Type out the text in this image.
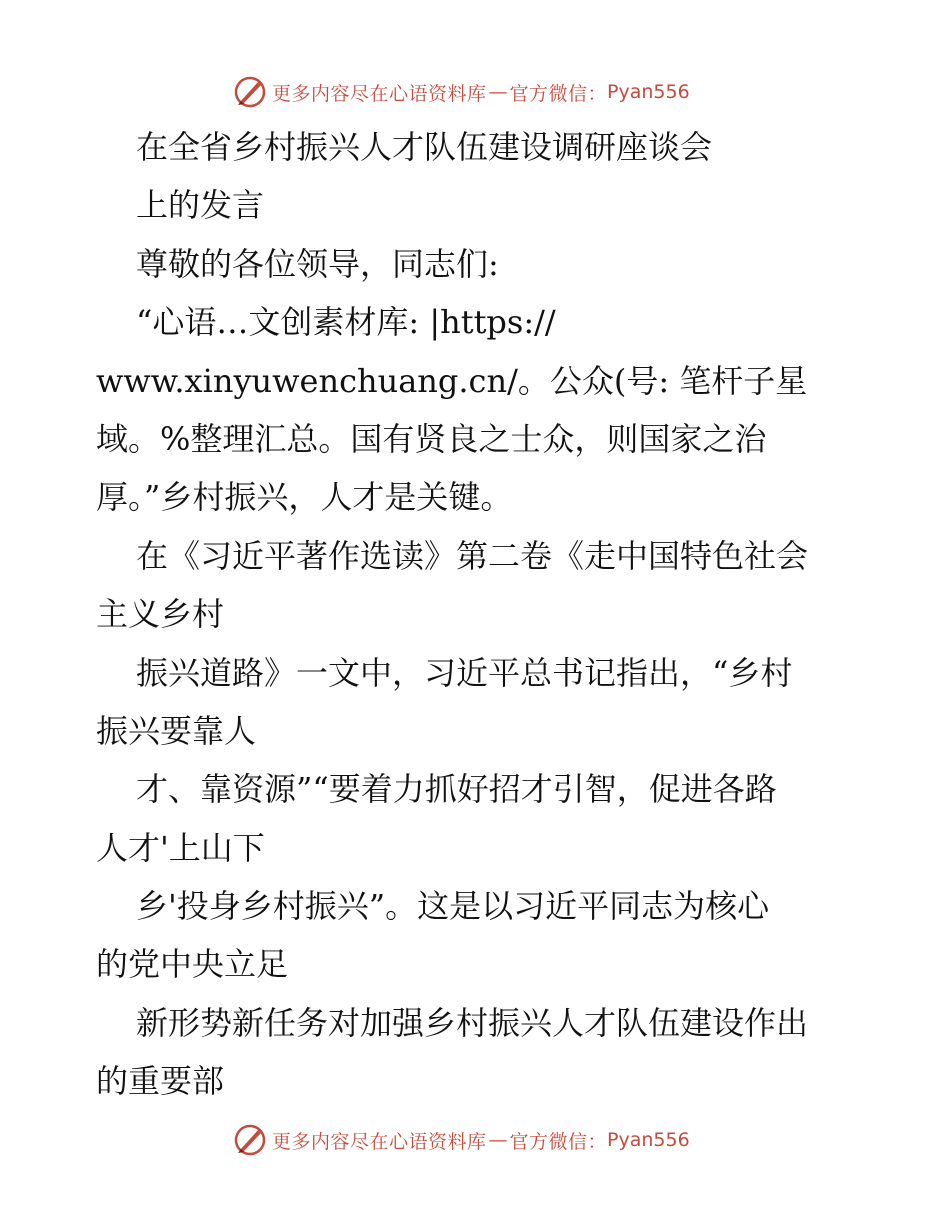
更多内容尽在心语资料库 — 官方微信： Pyan556
在全省乡村振兴人才队伍建设调研座谈会
上的发言
尊敬的各位领导，同志们:
“心语…文创素材库: |https://
www.xinyuwenchuang.cn/。公众(号: 笔杆子星
域。%整理汇总。国有贤良之士众，则国家之治
厚。”乡村振兴，人才是关键。
在《习近平著作选读》第二卷《走中国特色社会
主义乡村
振兴道路》一文中，习近平总书记指出，“乡村
振兴要靠人
才、靠资源”“要着力抓好招才引智，促进各路
人才'上山下
乡'投身乡村振兴”。这是以习近平同志为核心
的党中央立足
新形势新任务对加强乡村振兴人才队伍建设作出
的重要部
更多内容尽在心语资料库 — 官方微信： Pyan556
